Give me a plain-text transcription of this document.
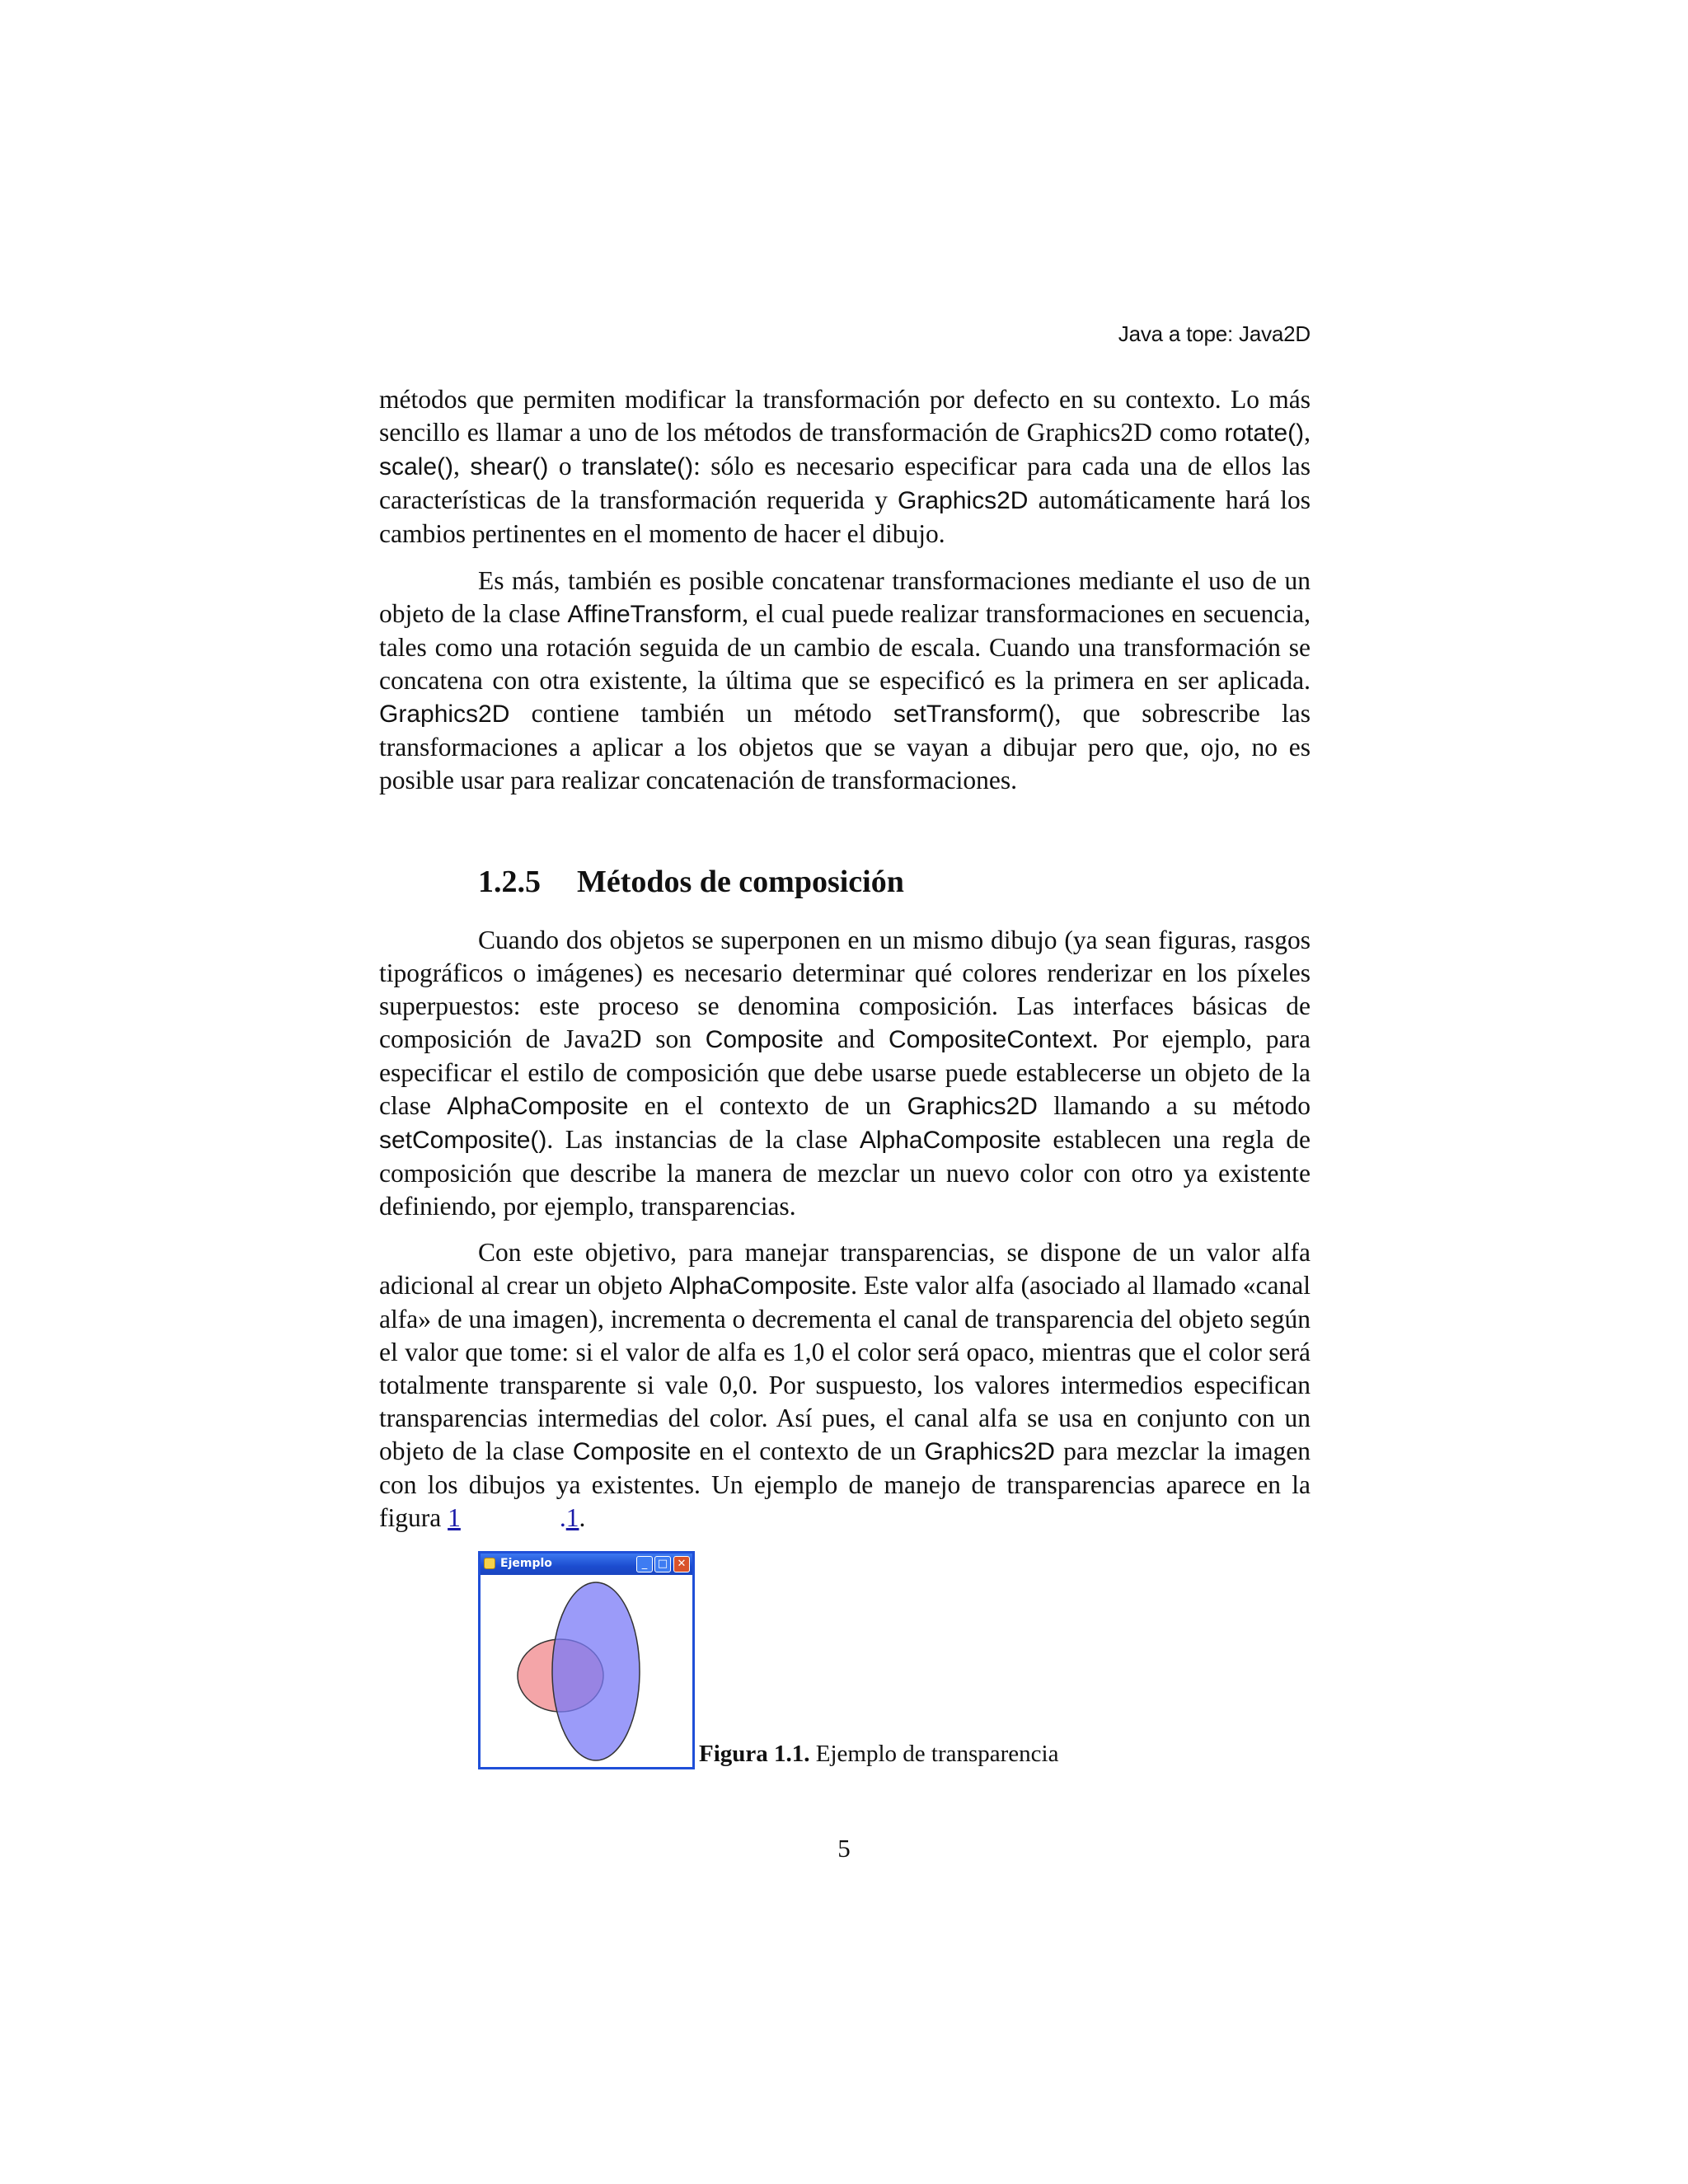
Java a tope: Java2D

métodos que permiten modificar la transformación por defecto en su contexto. Lo más sencillo es llamar a uno de los métodos de transformación de Graphics2D como rotate(), scale(), shear() o translate(): sólo es necesario especificar para cada una de ellos las características de la transformación requerida y Graphics2D automáticamente hará los cambios pertinentes en el momento de hacer el dibujo.

Es más, también es posible concatenar transformaciones mediante el uso de un objeto de la clase AffineTransform, el cual puede realizar transformaciones en secuencia, tales como una rotación seguida de un cambio de escala. Cuando una transformación se concatena con otra existente, la última que se especificó es la primera en ser aplicada. Graphics2D contiene también un método setTransform(), que sobrescribe las transformaciones a aplicar a los objetos que se vayan a dibujar pero que, ojo, no es posible usar para realizar concatenación de transformaciones.

1.2.5 Métodos de composición

Cuando dos objetos se superponen en un mismo dibujo (ya sean figuras, rasgos tipográficos o imágenes) es necesario determinar qué colores renderizar en los píxeles superpuestos: este proceso se denomina composición. Las interfaces básicas de composición de Java2D son Composite and CompositeContext. Por ejemplo, para especificar el estilo de composición que debe usarse puede establecerse un objeto de la clase AlphaComposite en el contexto de un Graphics2D llamando a su método setComposite(). Las instancias de la clase AlphaComposite establecen una regla de composición que describe la manera de mezclar un nuevo color con otro ya existente definiendo, por ejemplo, transparencias.

Con este objetivo, para manejar transparencias, se dispone de un valor alfa adicional al crear un objeto AlphaComposite. Este valor alfa (asociado al llamado «canal alfa» de una imagen), incrementa o decrementa el canal de transparencia del objeto según el valor que tome: si el valor de alfa es 1,0 el color será opaco, mientras que el color será totalmente transparente si vale 0,0. Por suspuesto, los valores intermedios especifican transparencias intermedias del color. Así pues, el canal alfa se usa en conjunto con un objeto de la clase Composite en el contexto de un Graphics2D para mezclar la imagen con los dibujos ya existentes. Un ejemplo de manejo de transparencias aparece en la figura 1	.1.

Ejemplo	_ □ ✕
Figura 1.1. Ejemplo de transparencia
5
